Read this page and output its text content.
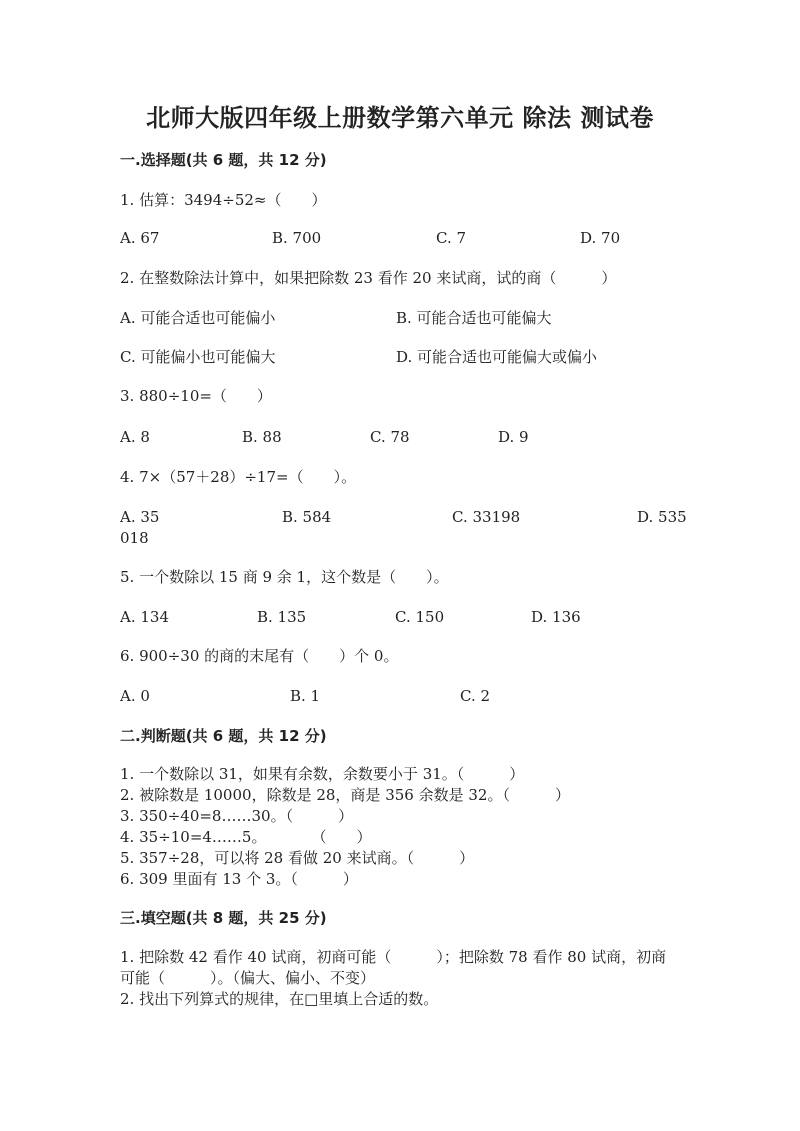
北师大版四年级上册数学第六单元 除法 测试卷
一.选择题(共 6 题，共 12 分)
1. 估算：3494÷52≈（　　）
A. 67	B. 700	C. 7	D. 70
2. 在整数除法计算中，如果把除数 23 看作 20 来试商，试的商（　　　）
A. 可能合适也可能偏小	B. 可能合适也可能偏大
C. 可能偏小也可能偏大	D. 可能合适也可能偏大或偏小
3. 880÷10=（　　）
A. 8	B. 88	C. 78	D. 9
4. 7×（57＋28）÷17=（　　）。
A. 35	B. 584	C. 33198	D. 535
018
5. 一个数除以 15 商 9 余 1，这个数是（　　）。
A. 134	B. 135	C. 150	D. 136
6. 900÷30 的商的末尾有（　　）个 0。
A. 0	B. 1	C. 2
二.判断题(共 6 题，共 12 分)
1. 一个数除以 31，如果有余数，余数要小于 31。（　　　）
2. 被除数是 10000，除数是 28，商是 356 余数是 32。（　　　）
3. 350÷40=8……30。（　　　）
4. 35÷10=4……5。　　　　（　　）
5. 357÷28，可以将 28 看做 20 来试商。（　　　）
6. 309 里面有 13 个 3。（　　　）
三.填空题(共 8 题，共 25 分)
1. 把除数 42 看作 40 试商，初商可能（　　　）；把除数 78 看作 80 试商，初商
可能（　　　）。（偏大、偏小、不变）
2. 找出下列算式的规律，在□里填上合适的数。
